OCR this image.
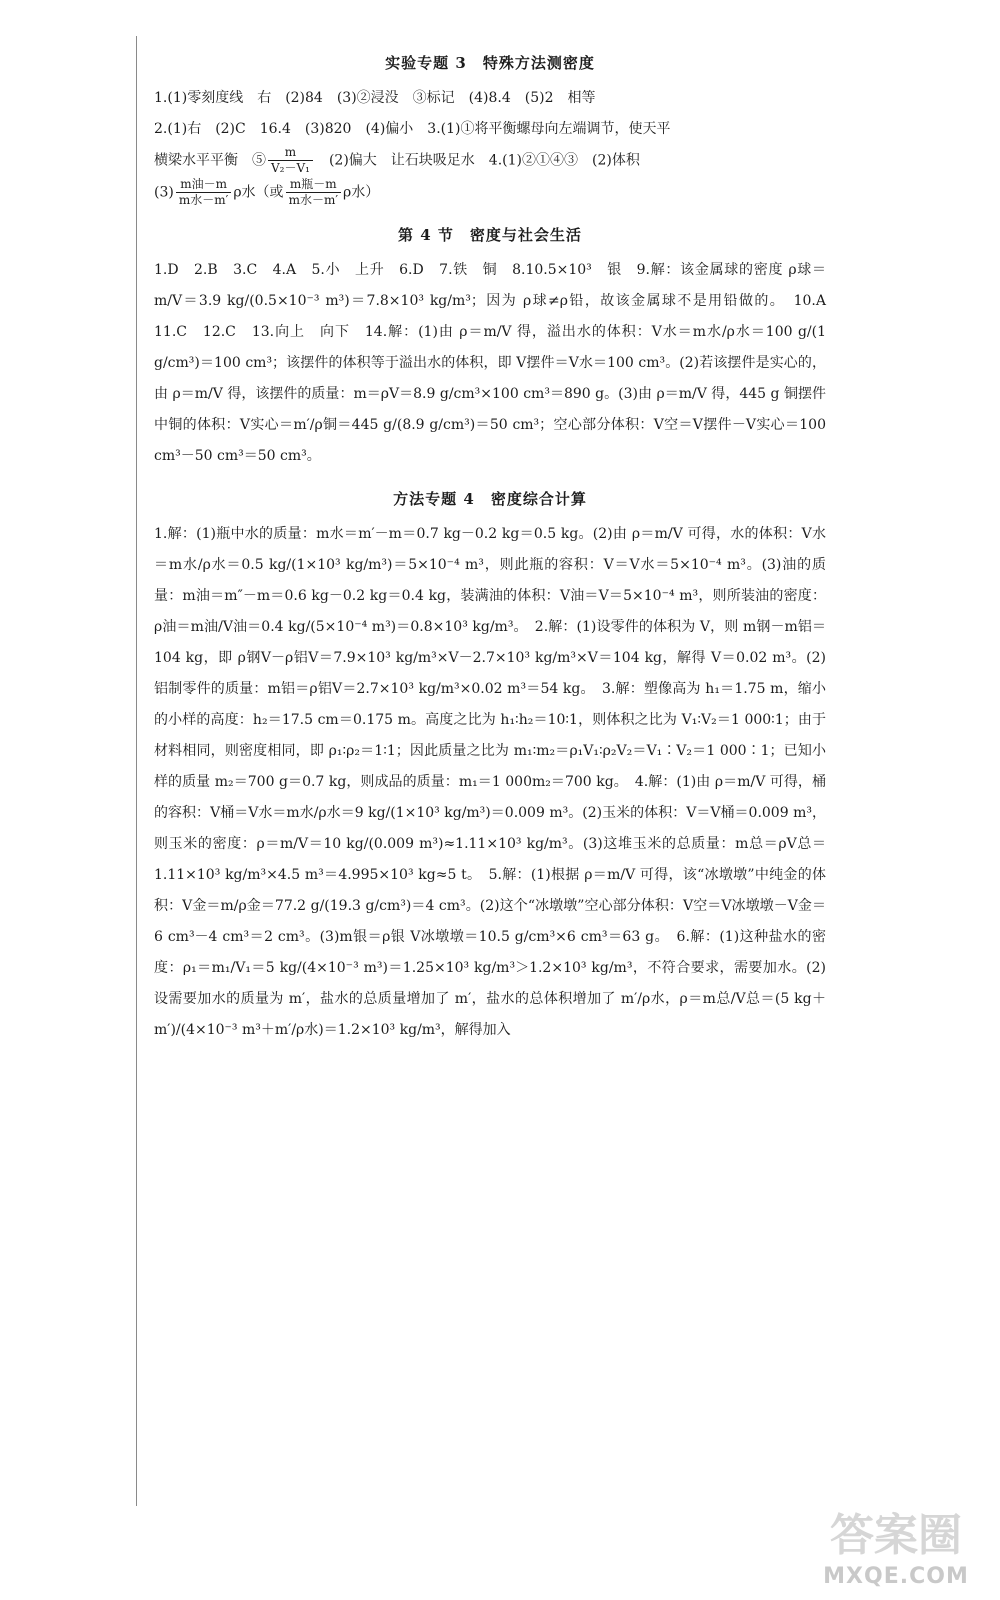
实验专题 3　特殊方法测密度

1.(1)零刻度线　右　(2)84　(3)②浸没　③标记　(4)8.4　(5)2　相等

2.(1)右　(2)C　16.4　(3)820　(4)偏小　3.(1)①将平衡螺母向左端调节，使天平

横梁水平平衡　⑤ $\frac{m}{\text{V₂－V₁}}$ 　(2)偏大　让石块吸足水　4.(1)②①④③　(2)体积

$(3) \frac{\text{m油－m}}{\text{m水－m′}}$ ρ水（或 $\frac{\text{m瓶－m}}{\text{m水－m′}}$ ρ水）

第 4 节　密度与社会生活

1.D　2.B　3.C　4.A　5.小　上升　6.D　7.铁　铜　8.10.5×10³　银　9.解：该金属球的密度 ρ球＝m/V＝3.9 kg/(0.5×10⁻³ m³)＝7.8×10³ kg/m³；因为 ρ球≠ρ铅，故该金属球不是用铅做的。　10.A　11.C　12.C　13.向上　向下　14.解：(1)由 ρ＝m/V 得，溢出水的体积：V水＝m水/ρ水＝100 g/(1 g/cm³)＝100 cm³；该摆件的体积等于溢出水的体积，即 V摆件＝V水＝100 cm³。(2)若该摆件是实心的，由 ρ＝m/V 得，该摆件的质量：m＝ρV＝8.9 g/cm³×100 cm³＝890 g。(3)由 ρ＝m/V 得，445 g 铜摆件中铜的体积：V实心＝m′/ρ铜＝445 g/(8.9 g/cm³)＝50 cm³；空心部分体积：V空＝V摆件－V实心＝100 cm³－50 cm³＝50 cm³。

方法专题 4　密度综合计算

1.解：(1)瓶中水的质量：m水＝m′－m＝0.7 kg－0.2 kg＝0.5 kg。(2)由 ρ＝m/V 可得，水的体积：V水＝m水/ρ水＝0.5 kg/(1×10³ kg/m³)＝5×10⁻⁴ m³，则此瓶的容积：V＝V水＝5×10⁻⁴ m³。(3)油的质量：m油＝m″－m＝0.6 kg－0.2 kg＝0.4 kg，装满油的体积：V油＝V＝5×10⁻⁴ m³，则所装油的密度：ρ油＝m油/V油＝0.4 kg/(5×10⁻⁴ m³)＝0.8×10³ kg/m³。　2.解：(1)设零件的体积为 V，则 m钢－m铝＝104 kg，即 ρ钢V－ρ铝V＝7.9×10³ kg/m³×V－2.7×10³ kg/m³×V＝104 kg，解得 V＝0.02 m³。(2)铝制零件的质量：m铝＝ρ铝V＝2.7×10³ kg/m³×0.02 m³＝54 kg。　3.解：塑像高为 h₁＝1.75 m，缩小的小样的高度：h₂＝17.5 cm＝0.175 m。高度之比为 h₁∶h₂＝10∶1，则体积之比为 V₁∶V₂＝1 000∶1；由于材料相同，则密度相同，即 ρ₁∶ρ₂＝1∶1；因此质量之比为 m₁∶m₂＝ρ₁V₁∶ρ₂V₂＝V₁∶V₂＝1 000∶1；已知小样的质量 m₂＝700 g＝0.7 kg，则成品的质量：m₁＝1 000m₂＝700 kg。　4.解：(1)由 ρ＝m/V 可得，桶的容积：V桶＝V水＝m水/ρ水＝9 kg/(1×10³ kg/m³)＝0.009 m³。(2)玉米的体积：V＝V桶＝0.009 m³，则玉米的密度：ρ＝m/V＝10 kg/(0.009 m³)≈1.11×10³ kg/m³。(3)这堆玉米的总质量：m总＝ρV总＝1.11×10³ kg/m³×4.5 m³＝4.995×10³ kg≈5 t。　5.解：(1)根据 ρ＝m/V 可得，该“冰墩墩”中纯金的体积：V金＝m/ρ金＝77.2 g/(19.3 g/cm³)＝4 cm³。(2)这个“冰墩墩”空心部分体积：V空＝V冰墩墩－V金＝6 cm³－4 cm³＝2 cm³。(3)m银＝ρ银 V冰墩墩＝10.5 g/cm³×6 cm³＝63 g。　6.解：(1)这种盐水的密度：ρ₁＝m₁/V₁＝5 kg/(4×10⁻³ m³)＝1.25×10³ kg/m³＞1.2×10³ kg/m³，不符合要求，需要加水。(2)设需要加水的质量为 m′，盐水的总质量增加了 m′，盐水的总体积增加了 m′/ρ水，ρ＝m总/V总＝(5 kg＋m′)/(4×10⁻³ m³＋m′/ρ水)＝1.2×10³ kg/m³，解得加入

答案圈
MXQE.COM
